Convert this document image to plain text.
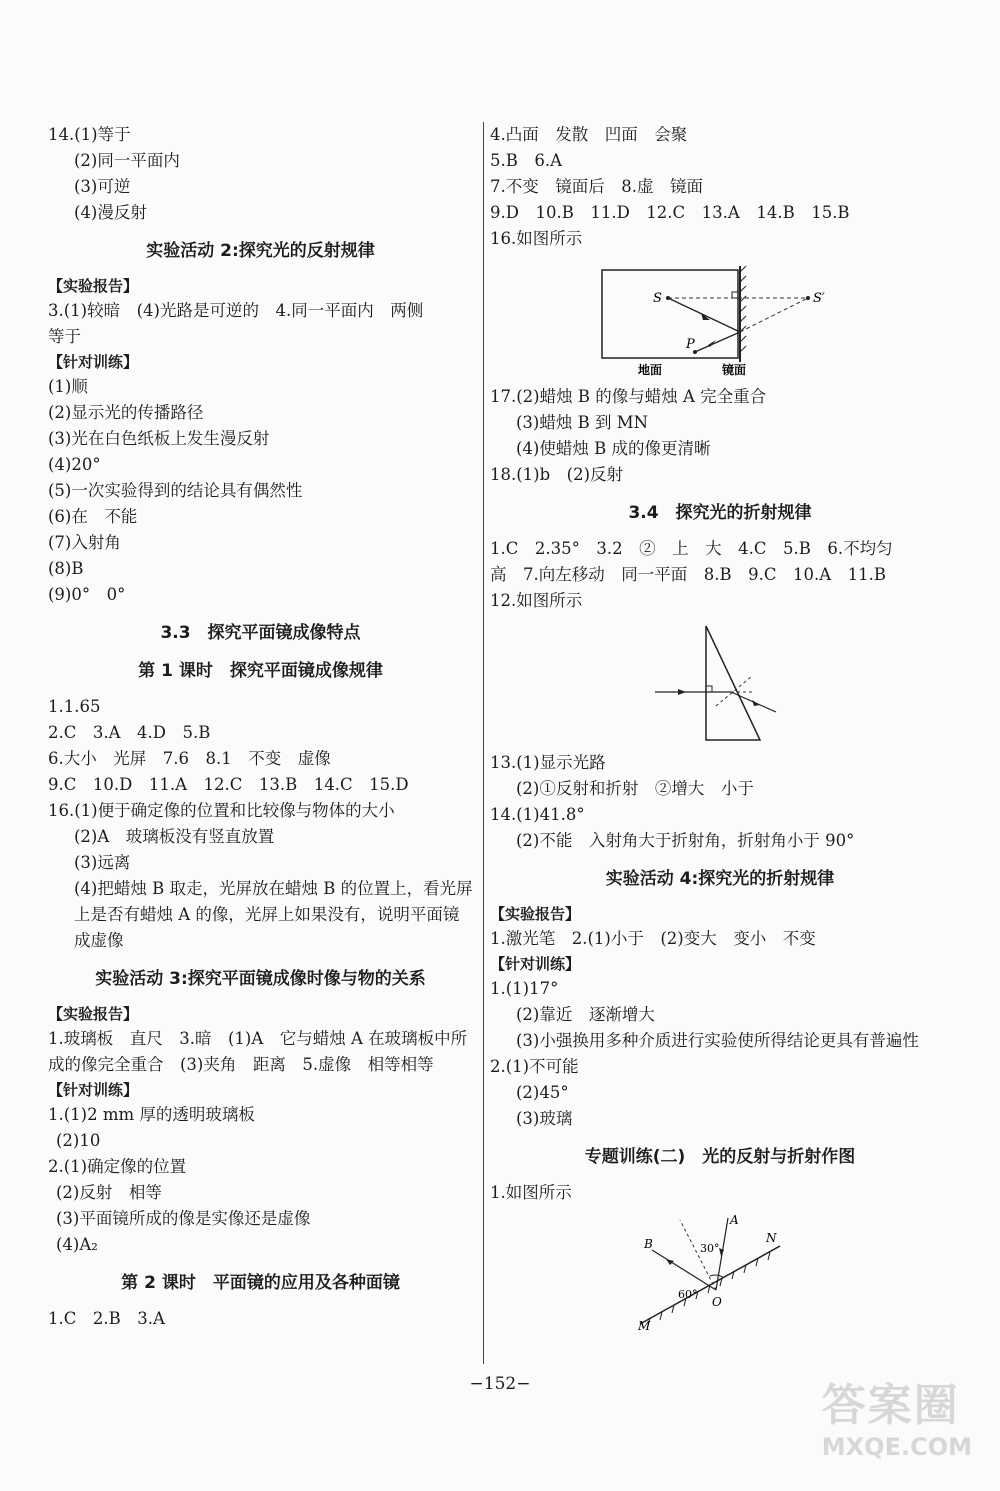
14.(1)等于
(2)同一平面内
(3)可逆
(4)漫反射
实验活动 2:探究光的反射规律
【实验报告】
3.(1)较暗　(4)光路是可逆的　4.同一平面内　两侧
等于
【针对训练】
(1)顺
(2)显示光的传播路径
(3)光在白色纸板上发生漫反射
(4)20°
(5)一次实验得到的结论具有偶然性
(6)在　不能
(7)入射角
(8)B
(9)0°　0°
3.3　探究平面镜成像特点
第 1 课时　探究平面镜成像规律
1.1.65
2.C　3.A　4.D　5.B
6.大小　光屏　7.6　8.1　不变　虚像
9.C　10.D　11.A　12.C　13.B　14.C　15.D
16.(1)便于确定像的位置和比较像与物体的大小
(2)A　玻璃板没有竖直放置
(3)远离
(4)把蜡烛 B 取走，光屏放在蜡烛 B 的位置上，看光屏上是否有蜡烛 A 的像，光屏上如果没有，说明平面镜成虚像
实验活动 3:探究平面镜成像时像与物的关系
【实验报告】
1.玻璃板　直尺　3.暗　(1)A　它与蜡烛 A 在玻璃板中所成的像完全重合　(3)夹角　距离　5.虚像　相等相等
【针对训练】
1.(1)2 mm 厚的透明玻璃板
(2)10
2.(1)确定像的位置
(2)反射　相等
(3)平面镜所成的像是实像还是虚像
(4)A₂
第 2 课时　平面镜的应用及各种面镜
1.C　2.B　3.A
4.凸面　发散　凹面　会聚
5.B　6.A
7.不变　镜面后　8.虚　镜面
9.D　10.B　11.D　12.C　13.A　14.B　15.B
16.如图所示
S	S′
P
地面	镜面
17.(2)蜡烛 B 的像与蜡烛 A 完全重合
(3)蜡烛 B 到 MN
(4)使蜡烛 B 成的像更清晰
18.(1)b　(2)反射
3.4　探究光的折射规律
1.C　2.35°　3.2　②　上　大　4.C　5.B　6.不均匀
高　7.向左移动　同一平面　8.B　9.C　10.A　11.B
12.如图所示
13.(1)显示光路
(2)①反射和折射　②增大　小于
14.(1)41.8°
(2)不能　入射角大于折射角，折射角小于 90°
实验活动 4:探究光的折射规律
【实验报告】
1.激光笔　2.(1)小于　(2)变大　变小　不变
【针对训练】
1.(1)17°
(2)靠近　逐渐增大
(3)小强换用多种介质进行实验使所得结论更具有普遍性
2.(1)不可能
(2)45°
(3)玻璃
专题训练(二)　光的反射与折射作图
1.如图所示
A
B	30°
N
60°
M
O
−152−	答案圈
MXQE.COM
